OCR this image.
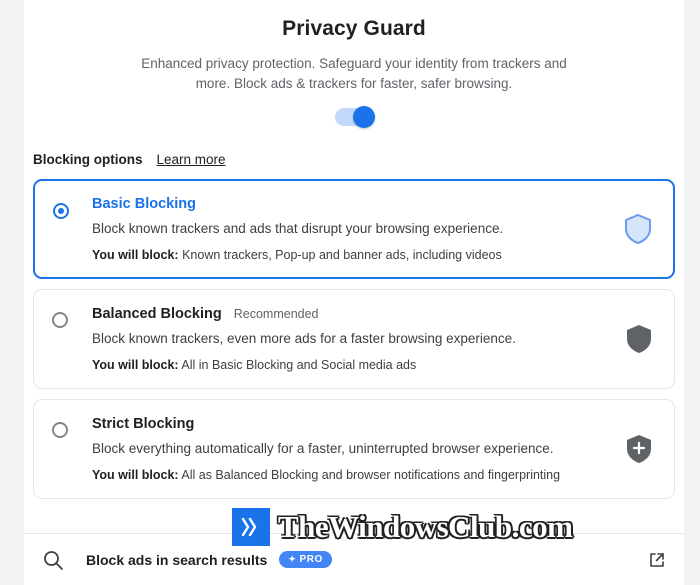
Privacy Guard
Enhanced privacy protection. Safeguard your identity from trackers and more. Block ads & trackers for faster, safer browsing.
Blocking options Learn more
Basic Blocking
Block known trackers and ads that disrupt your browsing experience.
You will block: Known trackers, Pop-up and banner ads, including videos
Balanced Blocking Recommended
Block known trackers, even more ads for a faster browsing experience.
You will block: All in Basic Blocking and Social media ads
Strict Blocking
Block everything automatically for a faster, uninterrupted browser experience.
You will block: All as Balanced Blocking and browser notifications and fingerprinting
Block ads in search results ✦ PRO
TheWindowsClub.com
